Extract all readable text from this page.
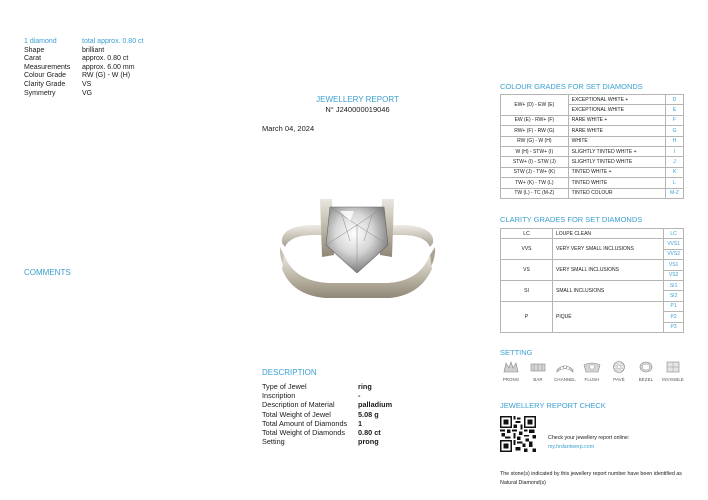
1 diamond	total approx. 0.80 ct
Shape	brilliant
Carat	approx. 0.80 ct
Measurements	approx. 6.00 mm
Colour Grade	RW (G) - W (H)
Clarity Grade	VS
Symmetry	VG
COMMENTS
JEWELLERY REPORT
N° J240000019046
March 04, 2024
DESCRIPTION
Type of Jewel	ring
Inscription	-
Description of Material	palladium
Total Weight of Jewel	5.08 g
Total Amount of Diamonds	1
Total Weight of Diamonds	0.80 ct
Setting	prong
COLOUR GRADES FOR SET DIAMONDS
EW+ (D) - EW (E)	EXCEPTIONAL WHITE +	D
	EXCEPTIONAL WHITE	E
EW (E) - RW+ (F)	RARE WHITE +	F
RW+ (F) - RW (G)	RARE WHITE	G
RW (G) - W (H)	WHITE	H
W (H) - STW+ (I)	SLIGHTLY TINTED WHITE +	I
STW+ (I) - STW (J)	SLIGHTLY TINTED WHITE	J
STW (J) - TW+ (K)	TINTED WHITE +	K
TW+ (K) - TW (L)	TINTED WHITE	L
TW (L) - TC (M-Z)	TINTED COLOUR	M-Z
CLARITY GRADES FOR SET DIAMONDS
LC	LOUPE CLEAN	LC
VVS	VERY VERY SMALL INCLUSIONS	VVS1
		VVS2
VS	VERY SMALL INCLUSIONS	VS1
		VS2
SI	SMALL INCLUSIONS	SI1
		SI2
P	PIQUÉ	P1
		P2
		P3
SETTING
PRONG	BAR	CHANNEL FLUSH	PAVÉ	BEZEL INVISIBLE
JEWELLERY REPORT CHECK
Check your jewellery report online:
my.hrdantwerp.com
The stone(s) indicated by this jewellery report number have been identified as Natural Diamond(s)
